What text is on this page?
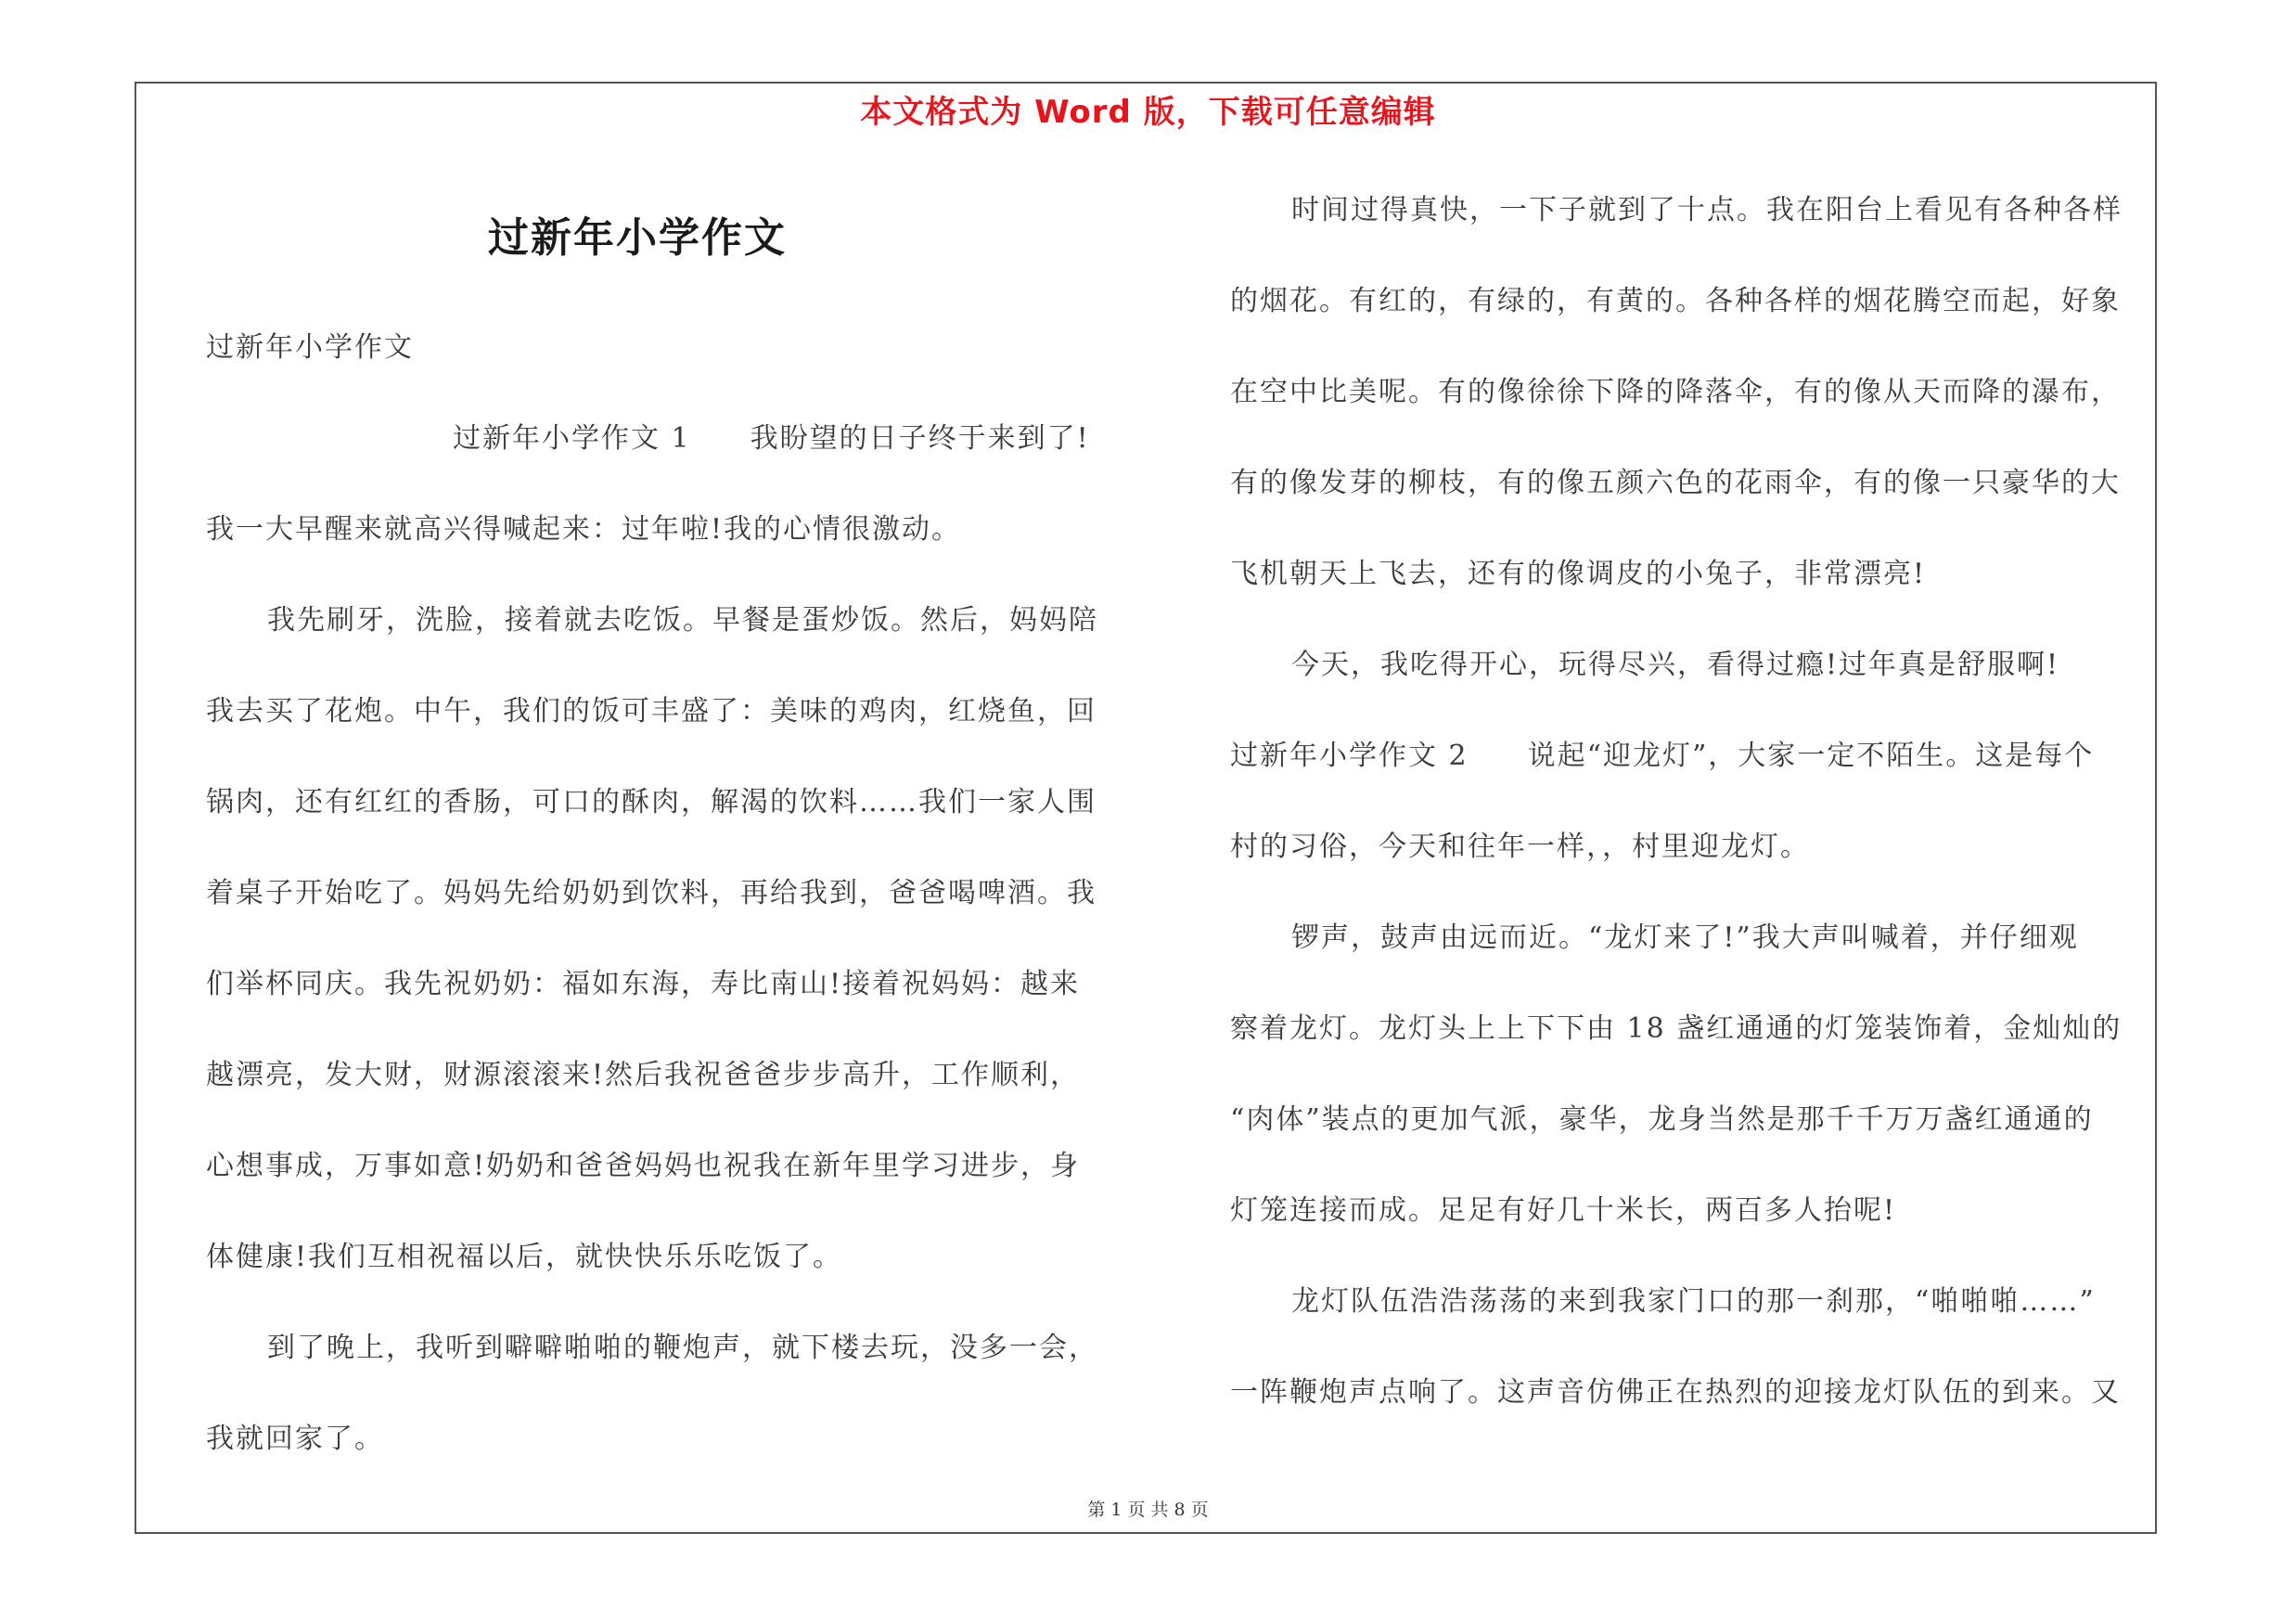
本文格式为 Word 版，下载可任意编辑
过新年小学作文
过新年小学作文
过新年小学作文 1　　我盼望的日子终于来到了!
我一大早醒来就高兴得喊起来：过年啦!我的心情很激动。
我先刷牙，洗脸，接着就去吃饭。早餐是蛋炒饭。然后，妈妈陪
我去买了花炮。中午，我们的饭可丰盛了：美味的鸡肉，红烧鱼，回
锅肉，还有红红的香肠，可口的酥肉，解渴的饮料……我们一家人围
着桌子开始吃了。妈妈先给奶奶到饮料，再给我到，爸爸喝啤酒。我
们举杯同庆。我先祝奶奶：福如东海，寿比南山!接着祝妈妈：越来
越漂亮，发大财，财源滚滚来!然后我祝爸爸步步高升，工作顺利，
心想事成，万事如意!奶奶和爸爸妈妈也祝我在新年里学习进步，身
体健康!我们互相祝福以后，就快快乐乐吃饭了。
到了晚上，我听到噼噼啪啪的鞭炮声，就下楼去玩，没多一会，
我就回家了。
时间过得真快，一下子就到了十点。我在阳台上看见有各种各样
的烟花。有红的，有绿的，有黄的。各种各样的烟花腾空而起，好象
在空中比美呢。有的像徐徐下降的降落伞，有的像从天而降的瀑布，
有的像发芽的柳枝，有的像五颜六色的花雨伞，有的像一只豪华的大
飞机朝天上飞去，还有的像调皮的小兔子，非常漂亮!
今天，我吃得开心，玩得尽兴，看得过瘾!过年真是舒服啊!
过新年小学作文 2　　说起“迎龙灯”，大家一定不陌生。这是每个
村的习俗，今天和往年一样，，村里迎龙灯。
锣声，鼓声由远而近。“龙灯来了!”我大声叫喊着，并仔细观
察着龙灯。龙灯头上上下下由 18 盏红通通的灯笼装饰着，金灿灿的
“肉体”装点的更加气派，豪华，龙身当然是那千千万万盏红通通的
灯笼连接而成。足足有好几十米长，两百多人抬呢!
龙灯队伍浩浩荡荡的来到我家门口的那一刹那，“啪啪啪……”
一阵鞭炮声点响了。这声音仿佛正在热烈的迎接龙灯队伍的到来。又
第 1 页 共 8 页
